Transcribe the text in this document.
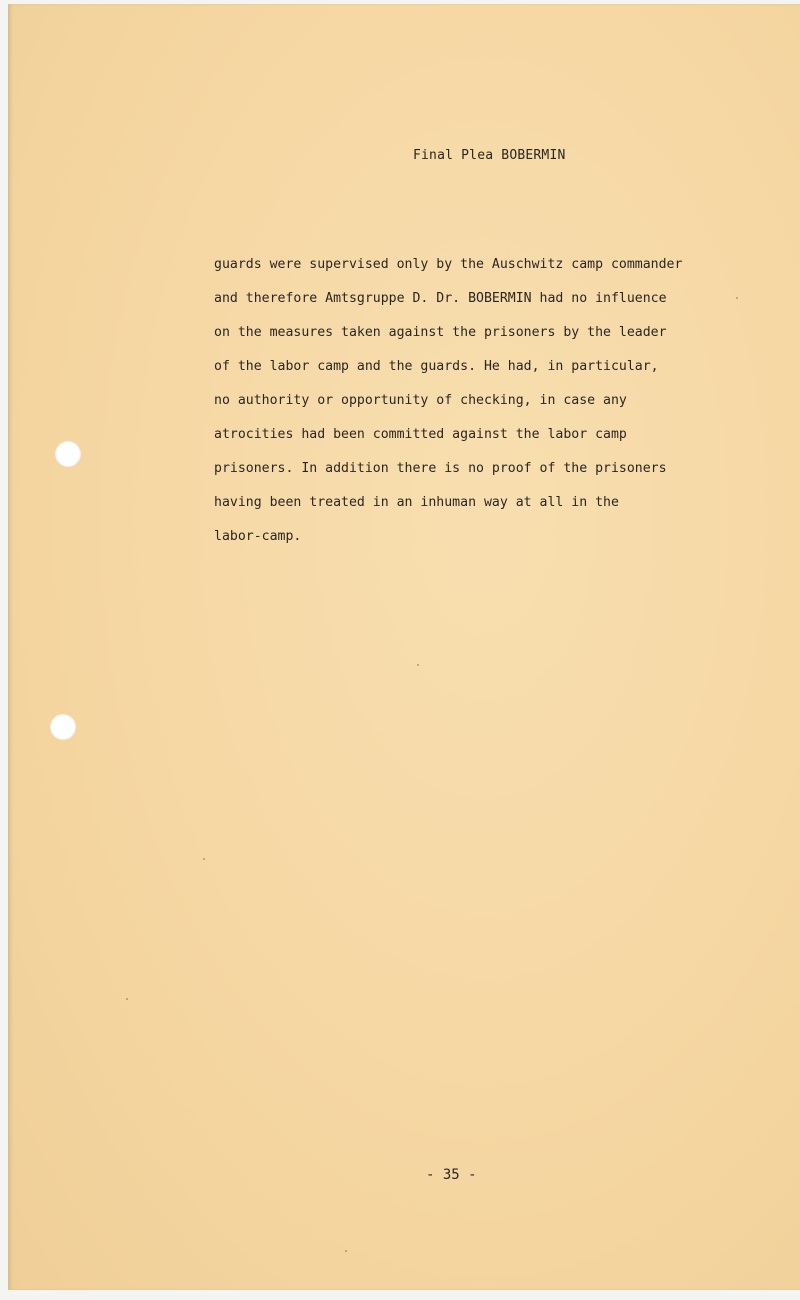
Final Plea BOBERMIN
guards were supervised only by the Auschwitz camp commander
and therefore Amtsgruppe D. Dr. BOBERMIN had no influence
on the measures taken against the prisoners by the leader
of the labor camp and the guards. He had, in particular,
no authority or opportunity of checking, in case any
atrocities had been committed against the labor camp
prisoners. In addition there is no proof of the prisoners
having been treated in an inhuman way at all in the
labor-camp.
- 35 -
